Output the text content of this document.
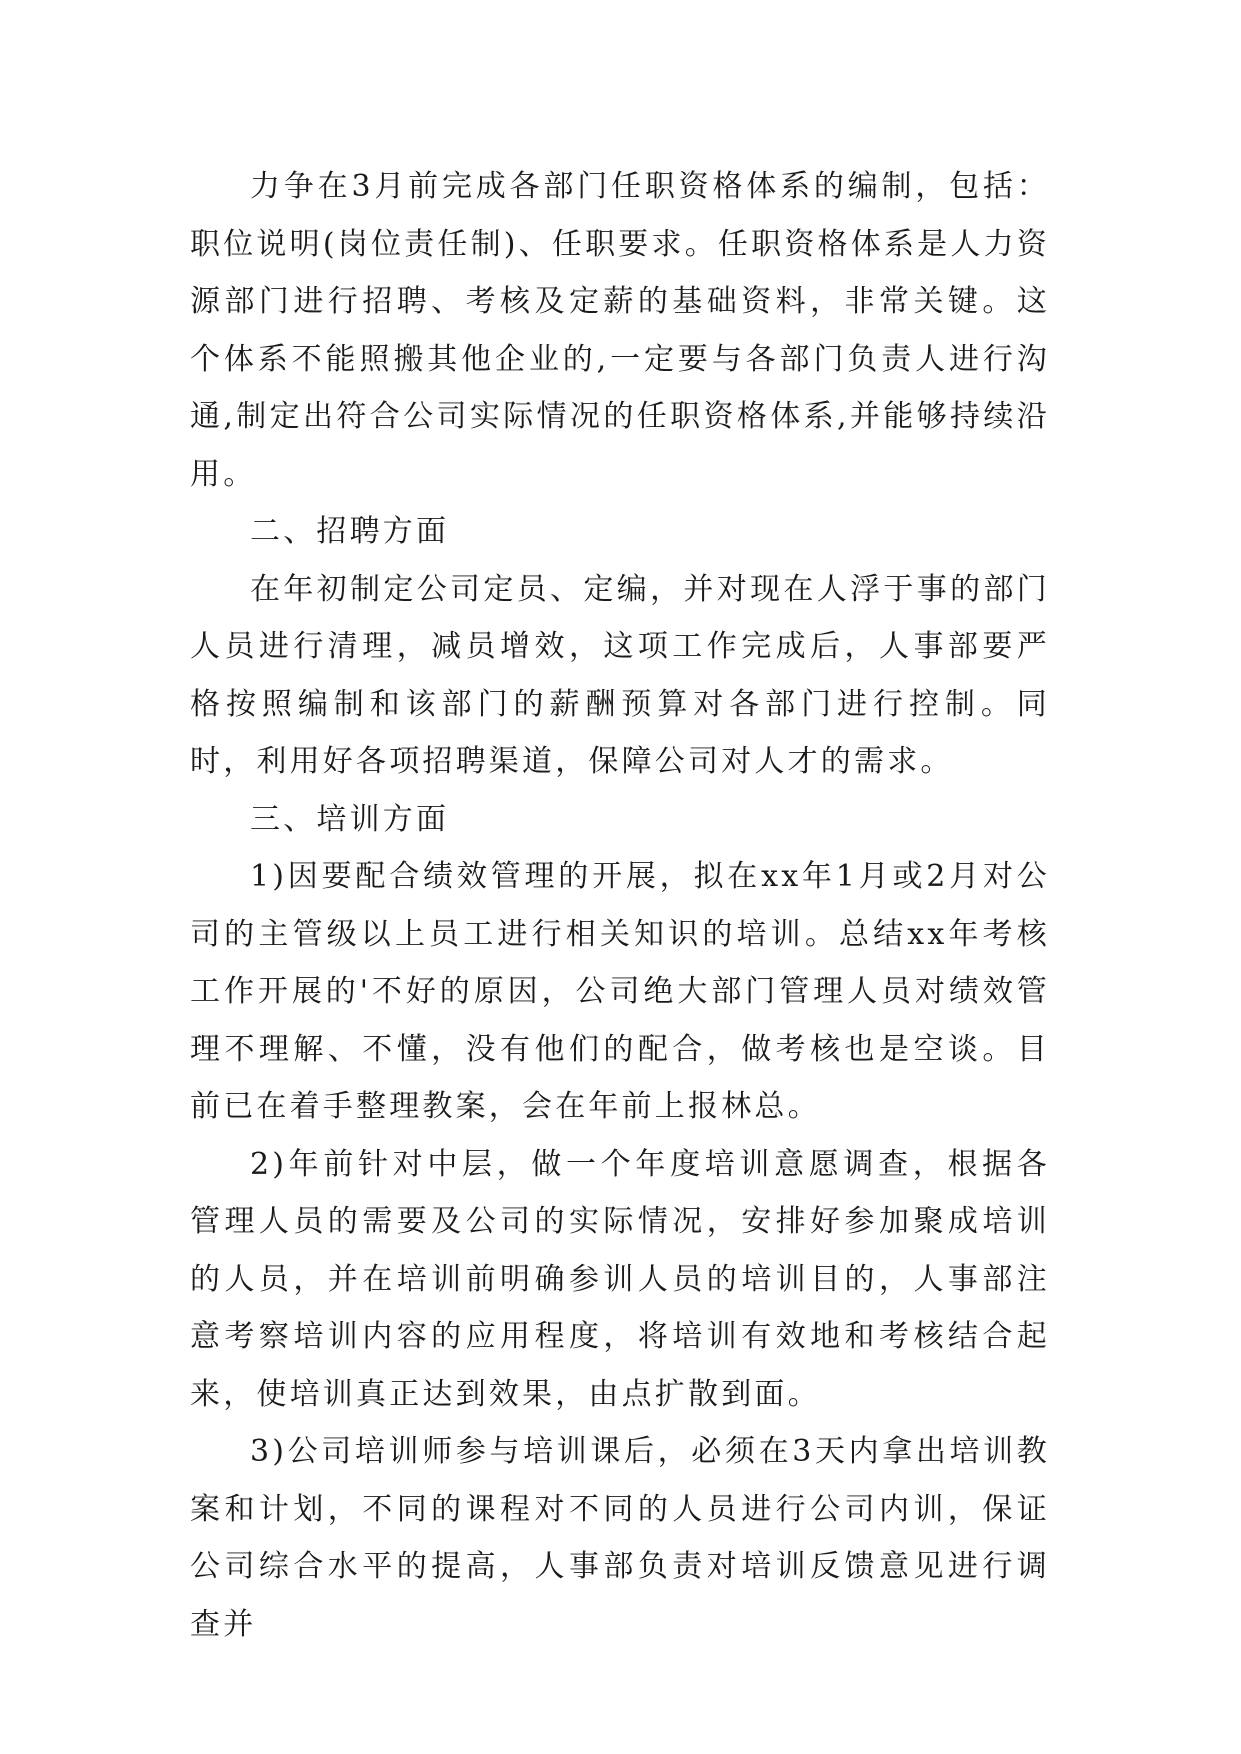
力争在3月前完成各部门任职资格体系的编制，包括：职位说明(岗位责任制)、任职要求。任职资格体系是人力资源部门进行招聘、考核及定薪的基础资料，非常关键。这个体系不能照搬其他企业的,一定要与各部门负责人进行沟通,制定出符合公司实际情况的任职资格体系,并能够持续沿用。

二、招聘方面

在年初制定公司定员、定编，并对现在人浮于事的部门人员进行清理，减员增效，这项工作完成后，人事部要严格按照编制和该部门的薪酬预算对各部门进行控制。同时，利用好各项招聘渠道，保障公司对人才的需求。

三、培训方面

1)因要配合绩效管理的开展，拟在xx年1月或2月对公司的主管级以上员工进行相关知识的培训。总结xx年考核工作开展的'不好的原因，公司绝大部门管理人员对绩效管理不理解、不懂，没有他们的配合，做考核也是空谈。目前已在着手整理教案，会在年前上报林总。

2)年前针对中层，做一个年度培训意愿调查，根据各管理人员的需要及公司的实际情况，安排好参加聚成培训的人员，并在培训前明确参训人员的培训目的，人事部注意考察培训内容的应用程度，将培训有效地和考核结合起来，使培训真正达到效果，由点扩散到面。

3)公司培训师参与培训课后，必须在3天内拿出培训教案和计划，不同的课程对不同的人员进行公司内训，保证公司综合水平的提高，人事部负责对培训反馈意见进行调查并
